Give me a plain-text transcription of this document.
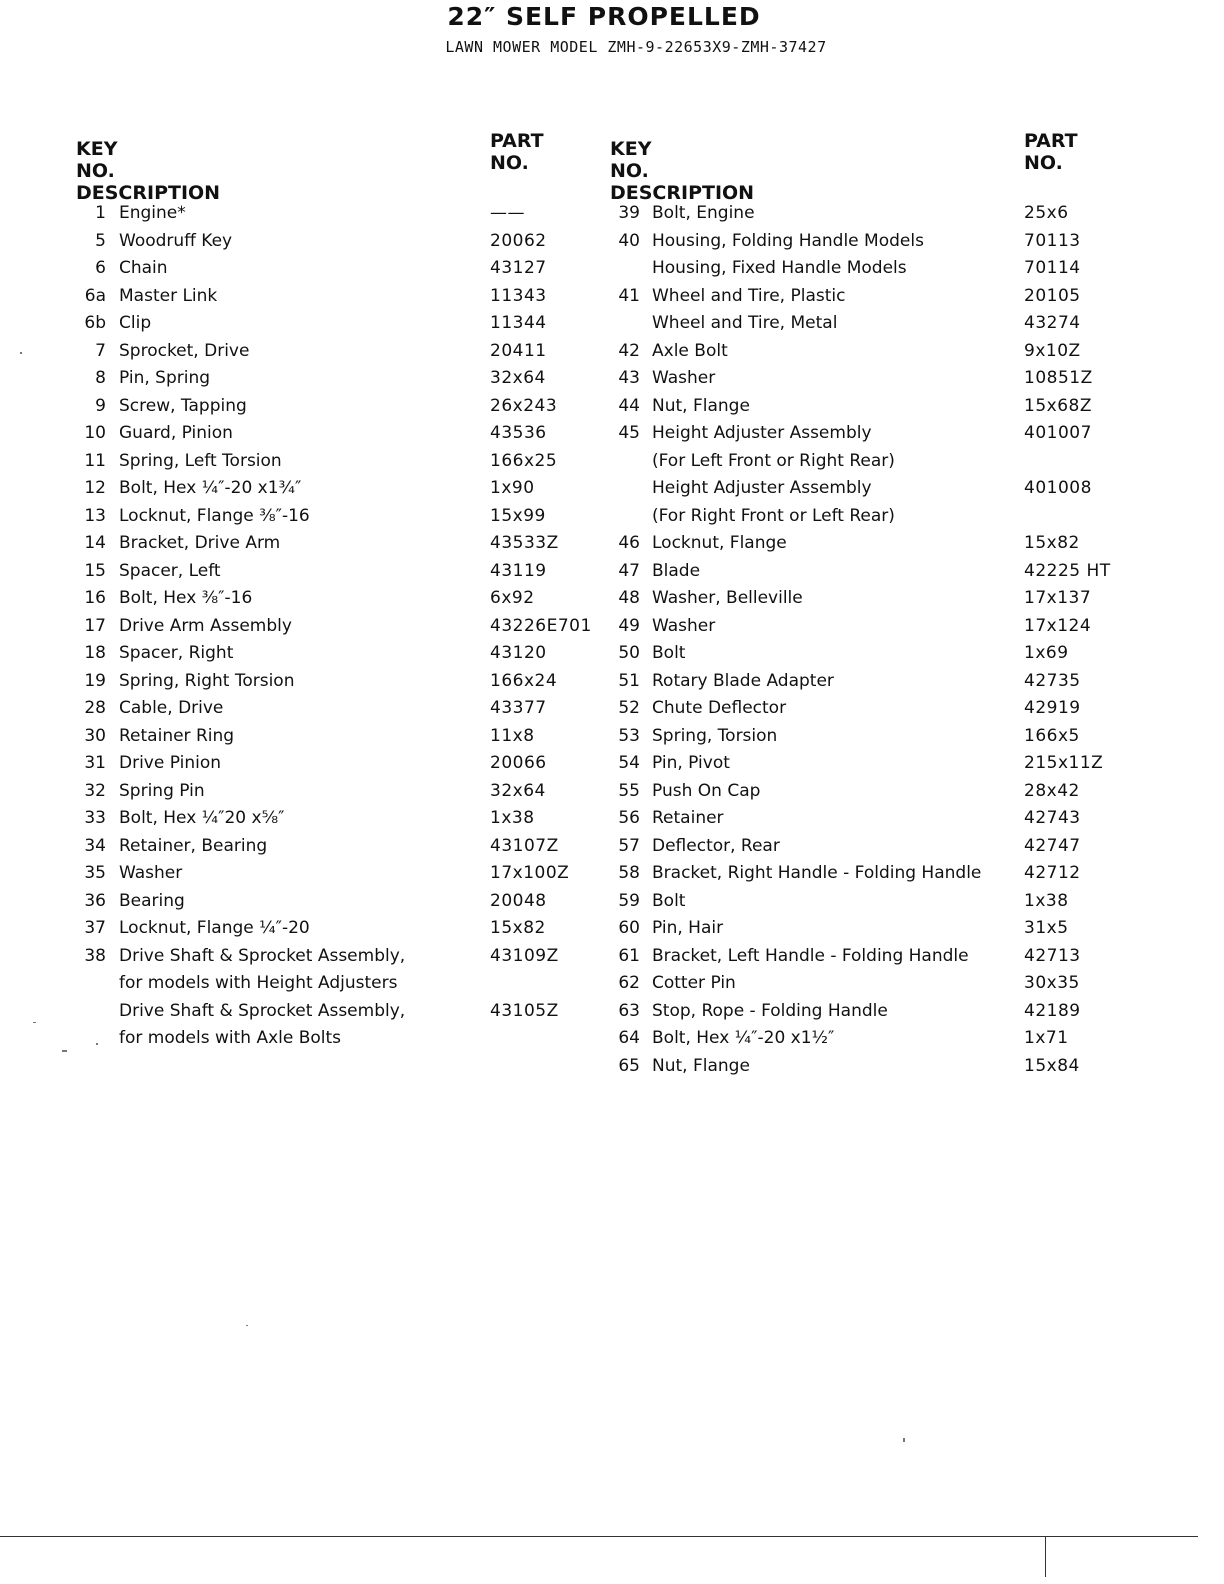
22″ SELF PROPELLED
LAWN MOWER MODEL ZMH-9-22653X9-ZMH-37427
KEY
NO. DESCRIPTION
PART
NO.
1 Engine*	——
5 Woodruff Key	20062
6 Chain	43127
6a Master Link	11343
6b Clip	11344
7 Sprocket, Drive	20411
8 Pin, Spring	32x64
9 Screw, Tapping	26x243
10 Guard, Pinion	43536
11 Spring, Left Torsion	166x25
12 Bolt, Hex ¼″-20 x1¾″	1x90
13 Locknut, Flange ⅜″-16	15x99
14 Bracket, Drive Arm	43533Z
15 Spacer, Left	43119
16 Bolt, Hex ⅜″-16	6x92
17 Drive Arm Assembly	43226E701
18 Spacer, Right	43120
19 Spring, Right Torsion	166x24
28 Cable, Drive	43377
30 Retainer Ring	11x8
31 Drive Pinion	20066
32 Spring Pin	32x64
33 Bolt, Hex ¼″20 x⅝″	1x38
34 Retainer, Bearing	43107Z
35 Washer	17x100Z
36 Bearing	20048
37 Locknut, Flange ¼″-20	15x82
38 Drive Shaft & Sprocket Assembly,	43109Z
for models with Height Adjusters
Drive Shaft & Sprocket Assembly,	43105Z
for models with Axle Bolts
KEY
NO. DESCRIPTION
PART
NO.
39 Bolt, Engine	25x6
40 Housing, Folding Handle Models	70113
Housing, Fixed Handle Models	70114
41 Wheel and Tire, Plastic	20105
Wheel and Tire, Metal	43274
42 Axle Bolt	9x10Z
43 Washer	10851Z
44 Nut, Flange	15x68Z
45 Height Adjuster Assembly	401007
(For Left Front or Right Rear)
Height Adjuster Assembly	401008
(For Right Front or Left Rear)
46 Locknut, Flange	15x82
47 Blade	42225 HT
48 Washer, Belleville	17x137
49 Washer	17x124
50 Bolt	1x69
51 Rotary Blade Adapter	42735
52 Chute Deflector	42919
53 Spring, Torsion	166x5
54 Pin, Pivot	215x11Z
55 Push On Cap	28x42
56 Retainer	42743
57 Deflector, Rear	42747
58 Bracket, Right Handle - Folding Handle	42712
59 Bolt	1x38
60 Pin, Hair	31x5
61 Bracket, Left Handle - Folding Handle	42713
62 Cotter Pin	30x35
63 Stop, Rope - Folding Handle	42189
64 Bolt, Hex ¼″-20 x1½″	1x71
65 Nut, Flange	15x84
